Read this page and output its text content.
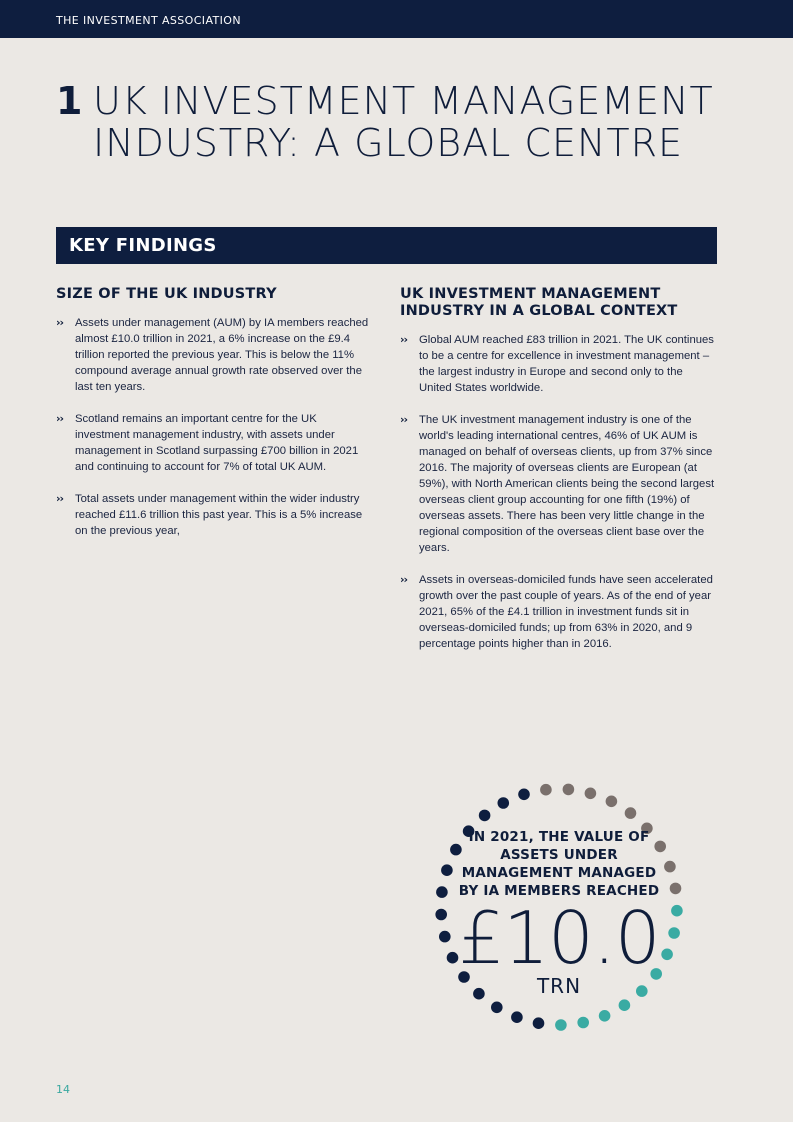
THE INVESTMENT ASSOCIATION
1 UK INVESTMENT MANAGEMENT INDUSTRY: A GLOBAL CENTRE
KEY FINDINGS
SIZE OF THE UK INDUSTRY
›› Assets under management (AUM) by IA members reached almost £10.0 trillion in 2021, a 6% increase on the £9.4 trillion reported the previous year. This is below the 11% compound average annual growth rate observed over the last ten years.
›› Scotland remains an important centre for the UK investment management industry, with assets under management in Scotland surpassing £700 billion in 2021 and continuing to account for 7% of total UK AUM.
›› Total assets under management within the wider industry reached £11.6 trillion this past year. This is a 5% increase on the previous year,
UK INVESTMENT MANAGEMENT INDUSTRY IN A GLOBAL CONTEXT
›› Global AUM reached £83 trillion in 2021. The UK continues to be a centre for excellence in investment management – the largest industry in Europe and second only to the United States worldwide.
›› The UK investment management industry is one of the world's leading international centres, 46% of UK AUM is managed on behalf of overseas clients, up from 37% since 2016. The majority of overseas clients are European (at 59%), with North American clients being the second largest overseas client group accounting for one fifth (19%) of overseas assets. There has been very little change in the regional composition of the overseas client base over the years.
›› Assets in overseas-domiciled funds have seen accelerated growth over the past couple of years. As of the end of year 2021, 65% of the £4.1 trillion in investment funds sit in overseas-domiciled funds; up from 63% in 2020, and 9 percentage points higher than in 2016.
IN 2021, THE VALUE OF ASSETS UNDER MANAGEMENT MANAGED BY IA MEMBERS REACHED
£10.0
TRN
14
